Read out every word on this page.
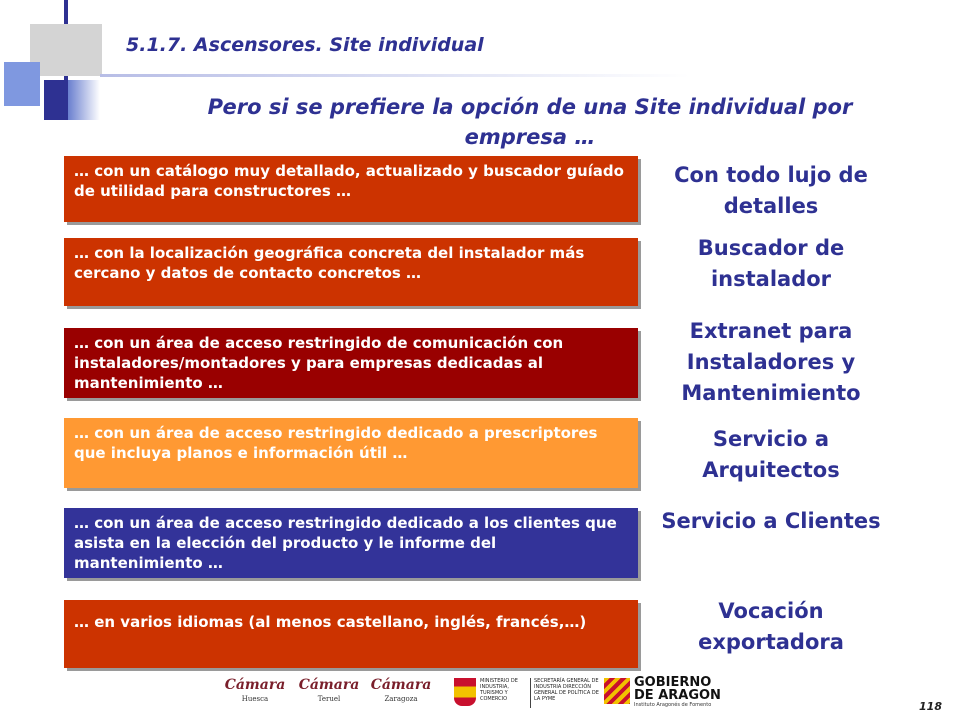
5.1.7. Ascensores. Site individual
Pero si se prefiere la opción de una Site individual por empresa …
… con un catálogo muy detallado, actualizado y buscador guíado de utilidad para constructores …
Con todo lujo de detalles
… con la localización geográfica concreta del instalador más cercano y datos de contacto concretos …
Buscador de instalador
… con un área de acceso restringido de comunicación con instaladores/montadores y para empresas dedicadas al mantenimiento …
Extranet para Instaladores y Mantenimiento
… con un área de acceso restringido dedicado a prescriptores que incluya planos e información útil …
Servicio a Arquitectos
… con un área de acceso restringido dedicado a los clientes que asista en la elección del producto y le informe del mantenimiento …
Servicio a Clientes
… en varios idiomas (al menos castellano, inglés, francés,…)	Vocación exportadora
Cámara
Huesca
Cámara
Teruel
Cámara
Zaragoza
MINISTERIO DE INDUSTRIA, TURISMO Y COMERCIO
SECRETARÍA GENERAL DE INDUSTRIA DIRECCIÓN GENERAL DE POLÍTICA DE LA PYME
GOBIERNO
DE ARAGON
Instituto Aragonés de Fomento	118
